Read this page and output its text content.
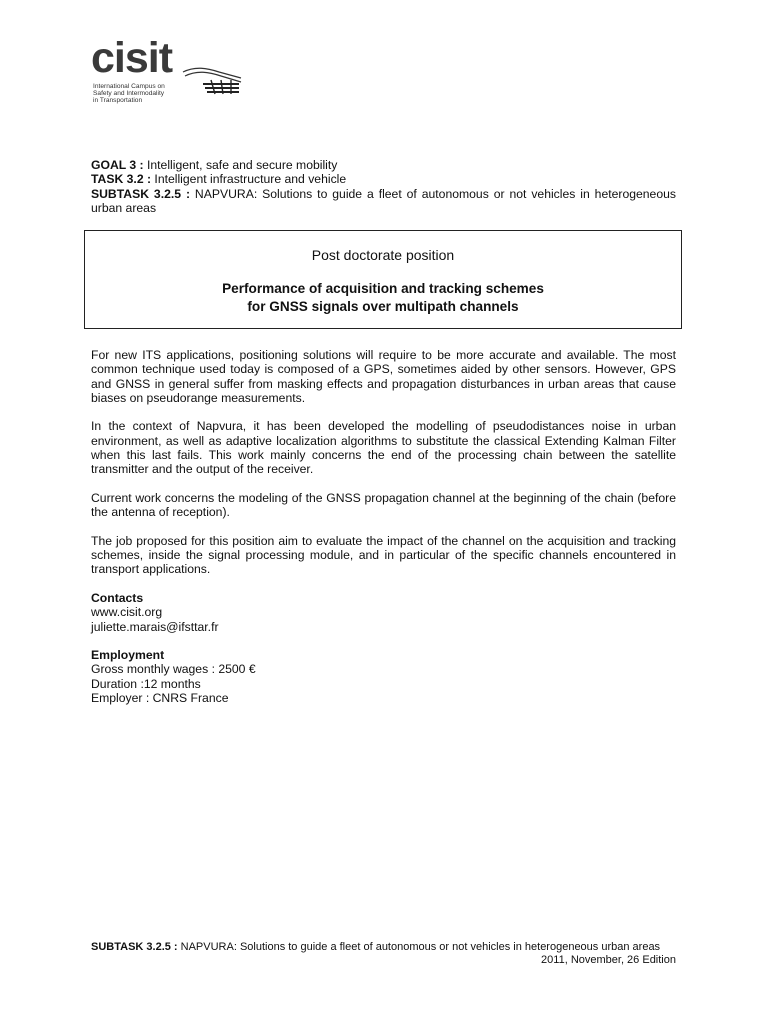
cisit
International Campus on
Safety and Intermodality
in Transportation

GOAL 3 : Intelligent, safe and secure mobility

TASK 3.2 : Intelligent infrastructure and vehicle

SUBTASK 3.2.5 : NAPVURA: Solutions to guide a fleet of autonomous or not vehicles in heterogeneous urban areas

Post doctorate position
Performance of acquisition and tracking schemes
for GNSS signals over multipath channels

For new ITS applications, positioning solutions will require to be more accurate and available. The most common technique used today is composed of a GPS, sometimes aided by other sensors. However, GPS and GNSS in general suffer from masking effects and propagation disturbances in urban areas that cause biases on pseudorange measurements.

In the context of Napvura, it has been developed the modelling of pseudodistances noise in urban environment, as well as adaptive localization algorithms to substitute the classical Extending Kalman Filter when this last fails. This work mainly concerns the end of the processing chain between the satellite transmitter and the output of the receiver.

Current work concerns the modeling of the GNSS propagation channel at the beginning of the chain (before the antenna of reception).

The job proposed for this position aim to evaluate the impact of the channel on the acquisition and tracking schemes, inside the signal processing module, and in particular of the specific channels encountered in transport applications.

Contacts
www.cisit.org
juliette.marais@ifsttar.fr
Employment
Gross monthly wages : 2500 €
Duration :12 months
Employer : CNRS France

SUBTASK 3.2.5 : NAPVURA: Solutions to guide a fleet of autonomous or not vehicles in heterogeneous urban areas

2011, November, 26 Edition
